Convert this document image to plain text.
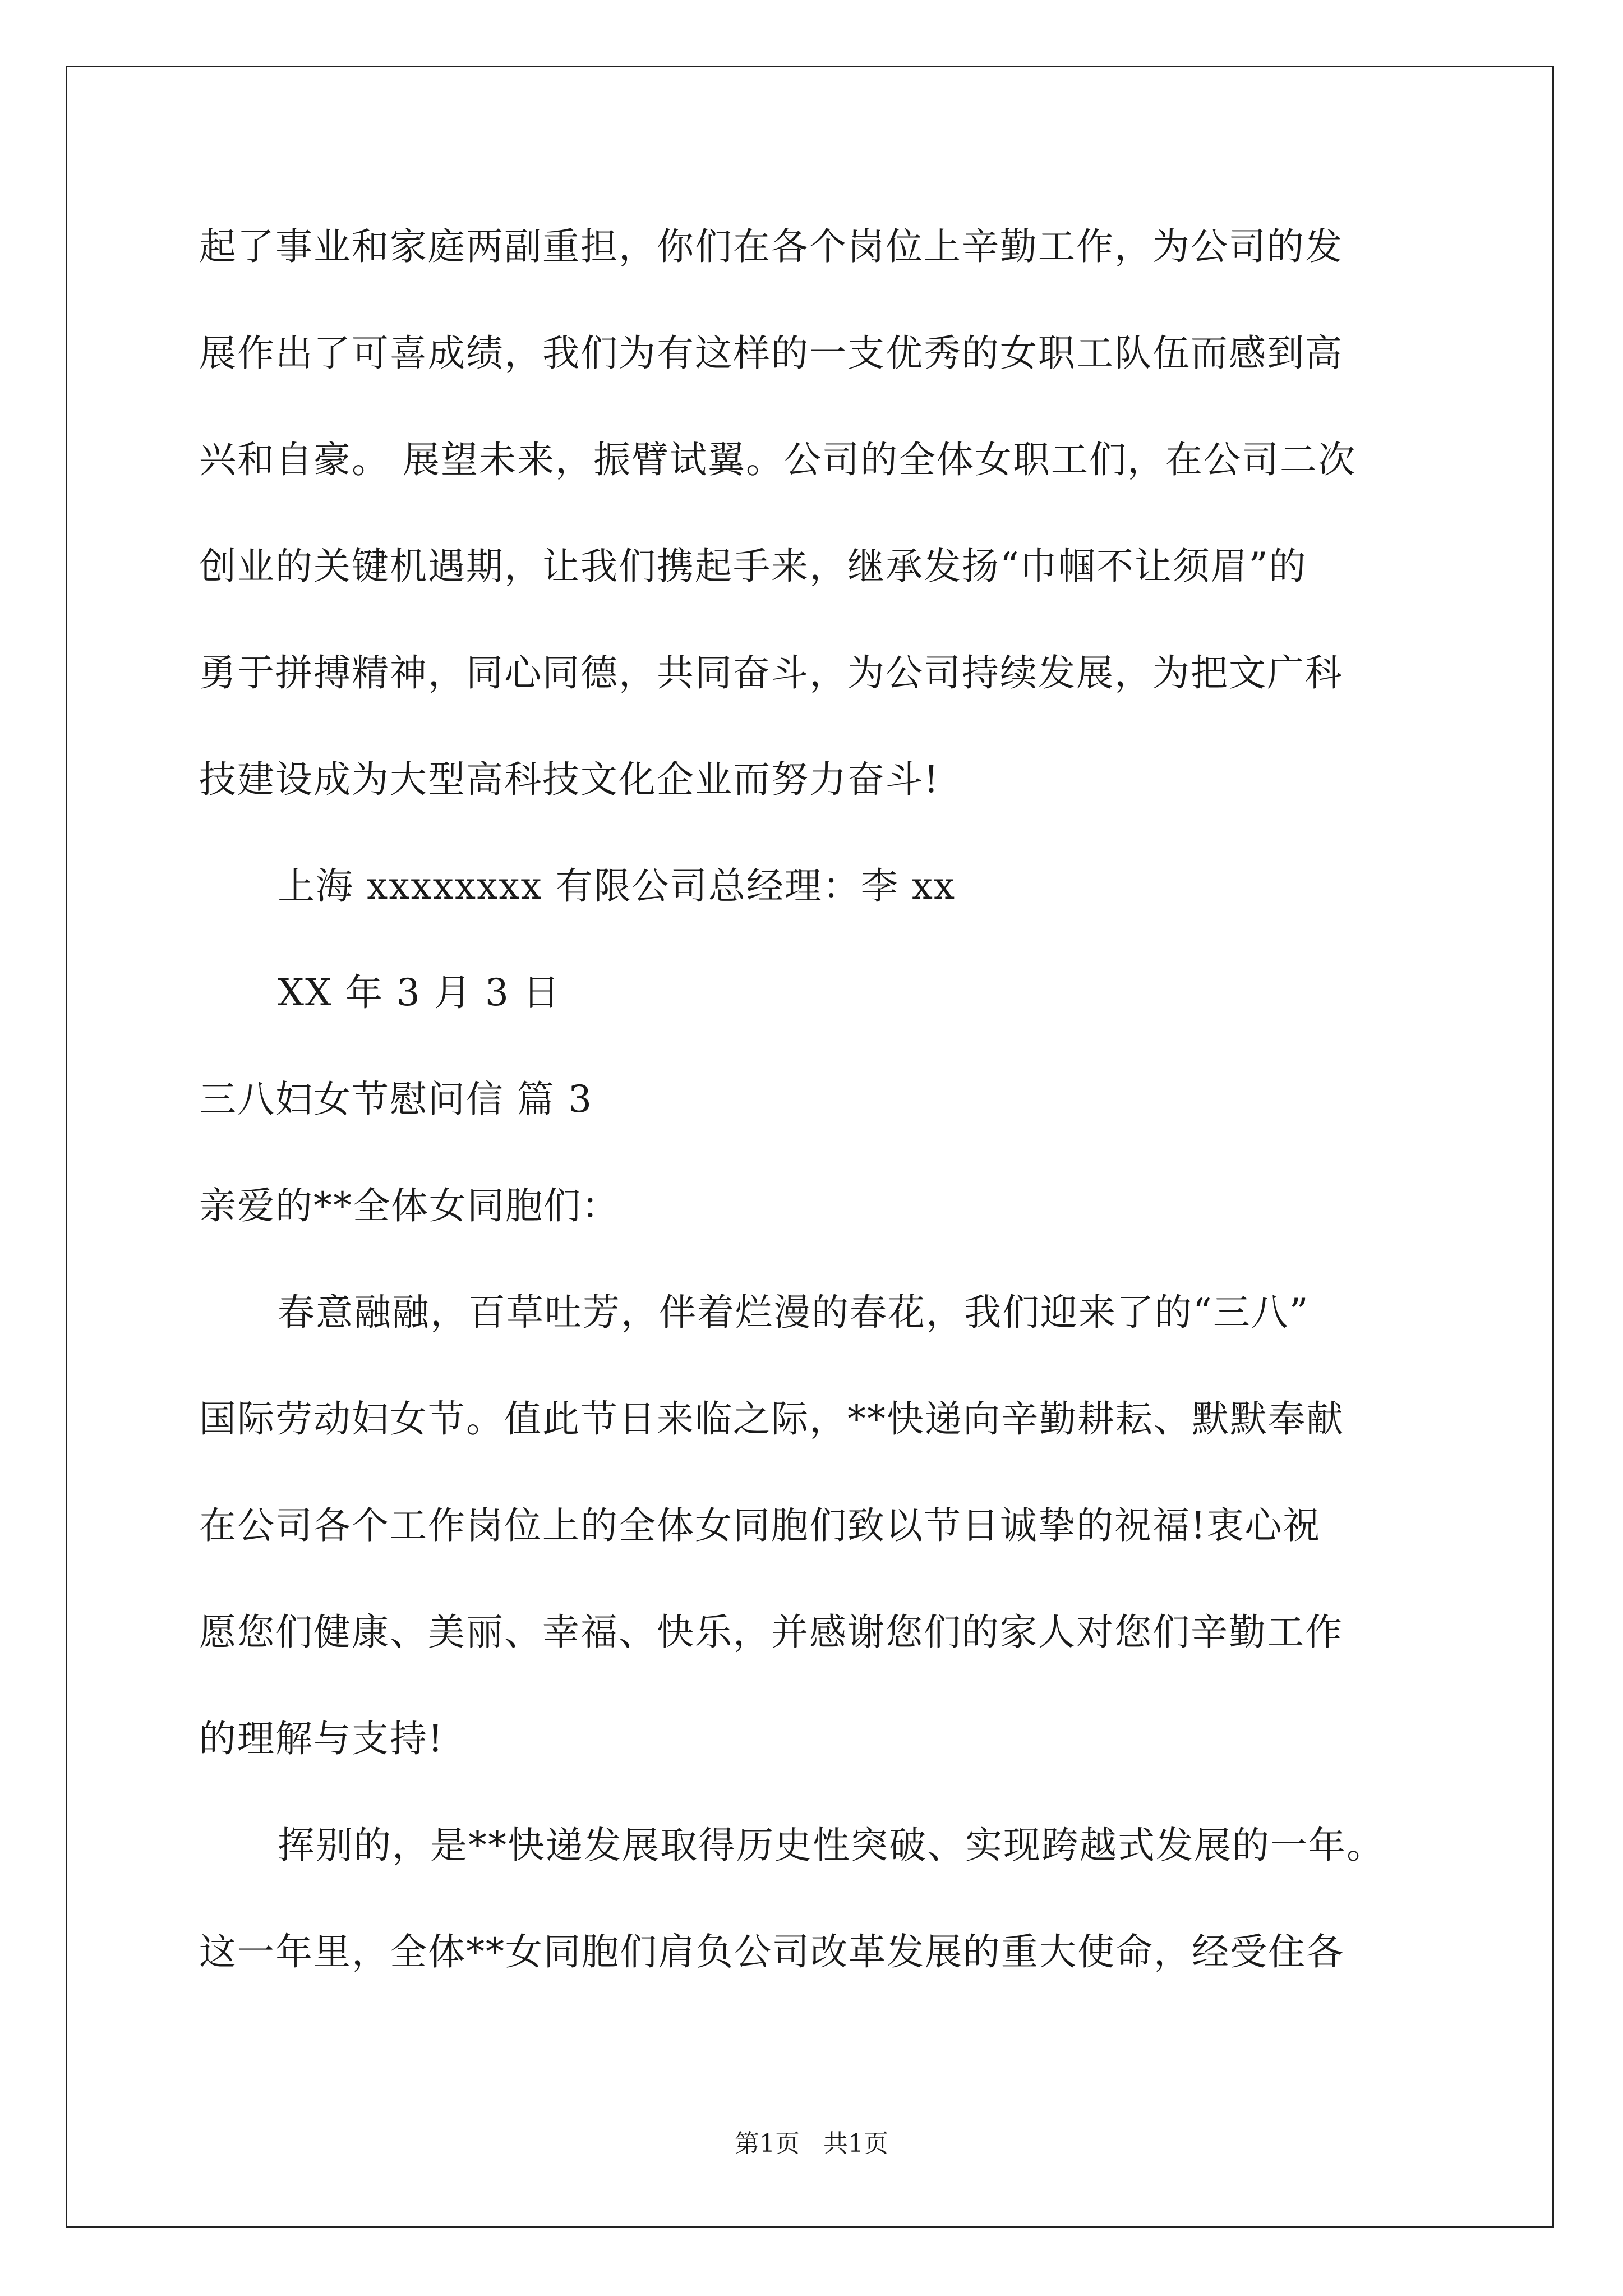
起了事业和家庭两副重担，你们在各个岗位上辛勤工作，为公司的发
展作出了可喜成绩，我们为有这样的一支优秀的女职工队伍而感到高
兴和自豪。 展望未来，振臂试翼。公司的全体女职工们，在公司二次
创业的关键机遇期，让我们携起手来，继承发扬“巾帼不让须眉”的
勇于拼搏精神，同心同德，共同奋斗，为公司持续发展，为把文广科
技建设成为大型高科技文化企业而努力奋斗!
上海 xxxxxxxx 有限公司总经理：李 xx
XX 年 3 月 3 日
三八妇女节慰问信 篇 3
亲爱的**全体女同胞们：
春意融融，百草吐芳，伴着烂漫的春花，我们迎来了的“三八”
国际劳动妇女节。值此节日来临之际，**快递向辛勤耕耘、默默奉献
在公司各个工作岗位上的全体女同胞们致以节日诚挚的祝福!衷心祝
愿您们健康、美丽、幸福、快乐，并感谢您们的家人对您们辛勤工作
的理解与支持!
挥别的，是**快递发展取得历史性突破、实现跨越式发展的一年。
这一年里，全体**女同胞们肩负公司改革发展的重大使命，经受住各
第1页   共1页
